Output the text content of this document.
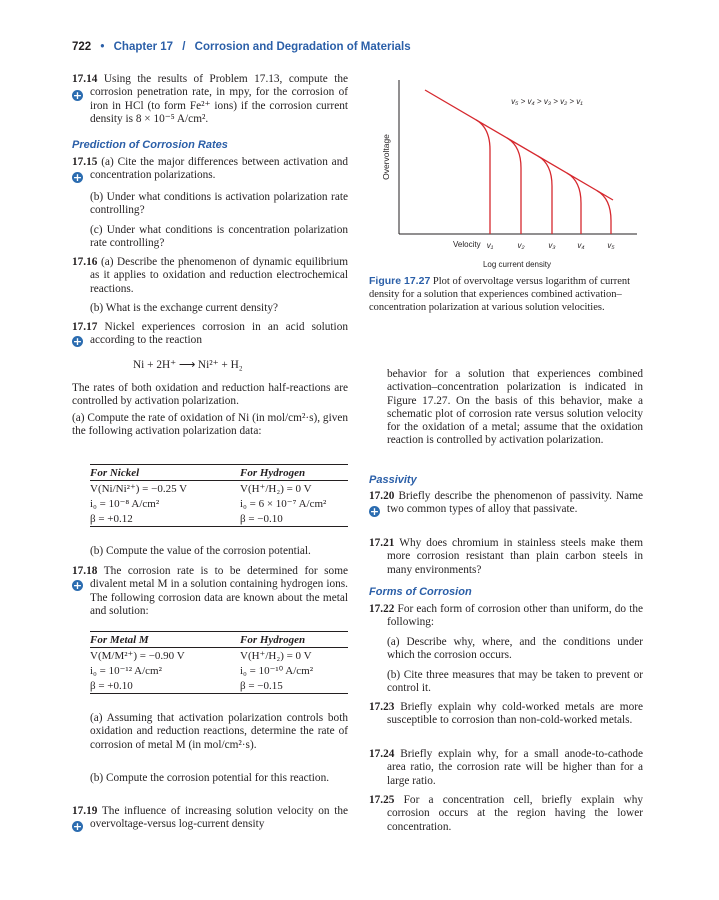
722 • Chapter 17 / Corrosion and Degradation of Materials
+

17.14 Using the results of Problem 17.13, compute the corrosion penetration rate, in mpy, for the corrosion of iron in HCl (to form Fe²⁺ ions) if the corrosion current density is 8 × 10⁻⁵ A/cm².

Prediction of Corrosion Rates
+

17.15 (a) Cite the major differences between activation and concentration polarizations.

(b) Under what conditions is activation polarization rate controlling?

(c) Under what conditions is concentration polarization rate controlling?

17.16 (a) Describe the phenomenon of dynamic equilibrium as it applies to oxidation and reduction electrochemical reactions.

(b) What is the exchange current density?

+

17.17 Nickel experiences corrosion in an acid solution according to the reaction

Ni + 2H⁺ ⟶ Ni²⁺ + H₂

The rates of both oxidation and reduction half-reactions are controlled by activation polarization.

(a) Compute the rate of oxidation of Ni (in mol/cm²·s), given the following activation polarization data:

For Nickel	For Hydrogen
V(Ni/Ni²⁺) = −0.25 V	V(H⁺/H₂) = 0 V
i₀ = 10⁻⁸ A/cm²	i₀ = 6 × 10⁻⁷ A/cm²
β = +0.12	β = −0.10

(b) Compute the value of the corrosion potential.

+

17.18 The corrosion rate is to be determined for some divalent metal M in a solution containing hydrogen ions. The following corrosion data are known about the metal and solution:

For Metal M	For Hydrogen
V(M/M²⁺) = −0.90 V	V(H⁺/H₂) = 0 V
i₀ = 10⁻¹² A/cm²	i₀ = 10⁻¹⁰ A/cm²
β = +0.10	β = −0.15

(a) Assuming that activation polarization controls both oxidation and reduction reactions, determine the rate of corrosion of metal M (in mol/cm²·s).

(b) Compute the corrosion potential for this reaction.

+

17.19 The influence of increasing solution velocity on the overvoltage-versus log-current density

Overvoltage
v₅ > v₄ > v₃ > v₂ > v₁
Velocity v₁	v₂	v₃	v₄	v₅
Log current density
Figure 17.27 Plot of overvoltage versus logarithm of current density for a solution that experiences combined activation–concentration polarization at various solution velocities.

behavior for a solution that experiences combined activation–concentration polarization is indicated in Figure 17.27. On the basis of this behavior, make a schematic plot of corrosion rate versus solution velocity for the oxidation of a metal; assume that the oxidation reaction is controlled by activation polarization.

Passivity
+

17.20 Briefly describe the phenomenon of passivity. Name two common types of alloy that passivate.

17.21 Why does chromium in stainless steels make them more corrosion resistant than plain carbon steels in many environments?

Forms of Corrosion

17.22 For each form of corrosion other than uniform, do the following:

(a) Describe why, where, and the conditions under which the corrosion occurs.

(b) Cite three measures that may be taken to prevent or control it.

17.23 Briefly explain why cold-worked metals are more susceptible to corrosion than non-cold-worked metals.

17.24 Briefly explain why, for a small anode-to-cathode area ratio, the corrosion rate will be higher than for a large ratio.

17.25 For a concentration cell, briefly explain why corrosion occurs at the region having the lower concentration.
